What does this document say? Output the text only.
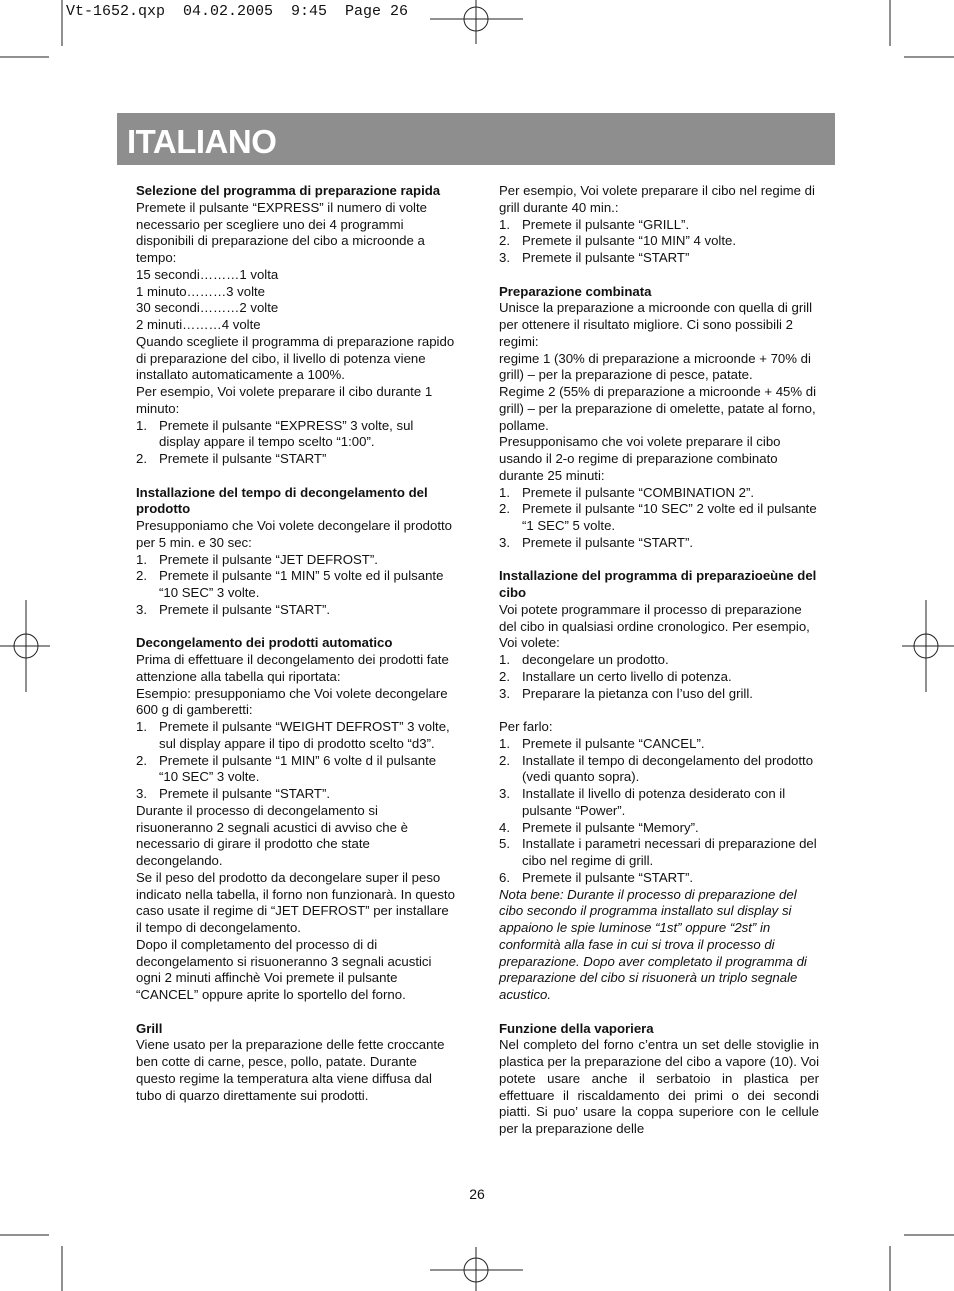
Vt-1652.qxp  04.02.2005  9:45  Page 26
ITALIANO
Selezione del programma di preparazione rapida

Premete il pulsante “EXPRESS” il numero di volte necessario per scegliere uno dei 4 programmi disponibili di preparazione del cibo a microonde a tempo:

15 secondi………1 volta

1 minuto………3 volte

30 secondi………2 volte

2 minuti………4 volte

Quando scegliete il programma di preparazione rapido di preparazione del cibo, il livello di potenza viene installato automaticamente a 100%.

Per esempio, Voi volete preparare il cibo durante 1 minuto:

1. Premete il pulsante “EXPRESS” 3 volte, sul display appare il tempo scelto “1:00”.
2. Premete il pulsante “START”
Installazione del tempo di decongelamento del prodotto

Presupponiamo che Voi volete decongelare il prodotto per 5 min. e 30 sec:

1. Premete il pulsante “JET DEFROST”.
2. Premete il pulsante “1 MIN” 5 volte ed il pulsante “10 SEC” 3 volte.
3. Premete il pulsante “START”.
Decongelamento dei prodotti automatico

Prima di effettuare il decongelamento dei prodotti fate attenzione alla tabella qui riportata:

Esempio: presupponiamo che Voi volete decongelare 600 g di gamberetti:

1. Premete il pulsante “WEIGHT DEFROST” 3 volte, sul display appare il tipo di prodotto scelto “d3”.
2. Premete il pulsante “1 MIN” 6 volte d il pulsante “10 SEC” 3 volte.
3. Premete il pulsante “START”.

Durante il processo di decongelamento si risuoneranno 2 segnali acustici di avviso che è necessario di girare il prodotto che state decongelando.

Se il peso del prodotto da decongelare super il peso indicato nella tabella, il forno non funzionarà. In questo caso usate il regime di “JET DEFROST” per installare il tempo di decongelamento.

Dopo il completamento del processo di di decongelamento si risuoneranno 3 segnali acustici ogni 2 minuti affinchè Voi premete il pulsante “CANCEL” oppure aprite lo sportello del forno.

Grill

Viene usato per la preparazione delle fette croccante ben cotte di carne, pesce, pollo, patate. Durante questo regime la temperatura alta viene diffusa dal tubo di quarzo direttamente sui prodotti.

Per esempio, Voi volete preparare il cibo nel regime di grill durante 40 min.:

1. Premete il pulsante “GRILL”.
2. Premete il pulsante “10 MIN” 4 volte.
3. Premete il pulsante “START”
Preparazione combinata

Unisce la preparazione a microonde con quella di grill per ottenere il risultato migliore. Ci sono possibili 2 regimi:

regime 1 (30% di preparazione a microonde + 70% di grill) – per la preparazione di pesce, patate.

Regime 2 (55% di preparazione a microonde + 45% di grill) – per la preparazione di omelette, patate al forno, pollame.

Presupponisamo che voi volete preparare il cibo usando il 2-o regime di preparazione combinato durante 25 minuti:

1. Premete il pulsante “COMBINATION 2”.
2. Premete il pulsante “10 SEC” 2 volte ed il pulsante “1 SEC” 5 volte.
3. Premete il pulsante “START”.
Installazione del programma di preparazioeùne del cibo

Voi potete programmare il processo di preparazione del cibo in qualsiasi ordine cronologico. Per esempio, Voi volete:

1. decongelare un prodotto.
2. Installare un certo livello di potenza.
3. Preparare la pietanza con l’uso del grill.

Per farlo:

1. Premete il pulsante “CANCEL”.
2. Installate il tempo di decongelamento del prodotto (vedi quanto sopra).
3. Installate il livello di potenza desiderato con il pulsante “Power”.
4. Premete il pulsante “Memory”.
5. Installate i parametri necessari di preparazione del cibo nel regime di grill.
6. Premete il pulsante “START”.

Nota bene: Durante il processo di preparazione del cibo secondo il programma installato sul display si appaiono le spie luminose “1st” oppure “2st” in conformità alla fase in cui si trova il processo di preparazione. Dopo aver completato il programma di preparazione del cibo si risuonerà un triplo segnale acustico.

Funzione della vaporiera

Nel completo del forno c’entra un set delle stoviglie in plastica per la preparazione del cibo a vapore (10). Voi potete usare anche il serbatoio in plastica per effettuare il riscaldamento dei primi o dei secondi piatti. Si puo’ usare la coppa superiore con le cellule per la preparazione delle

26
